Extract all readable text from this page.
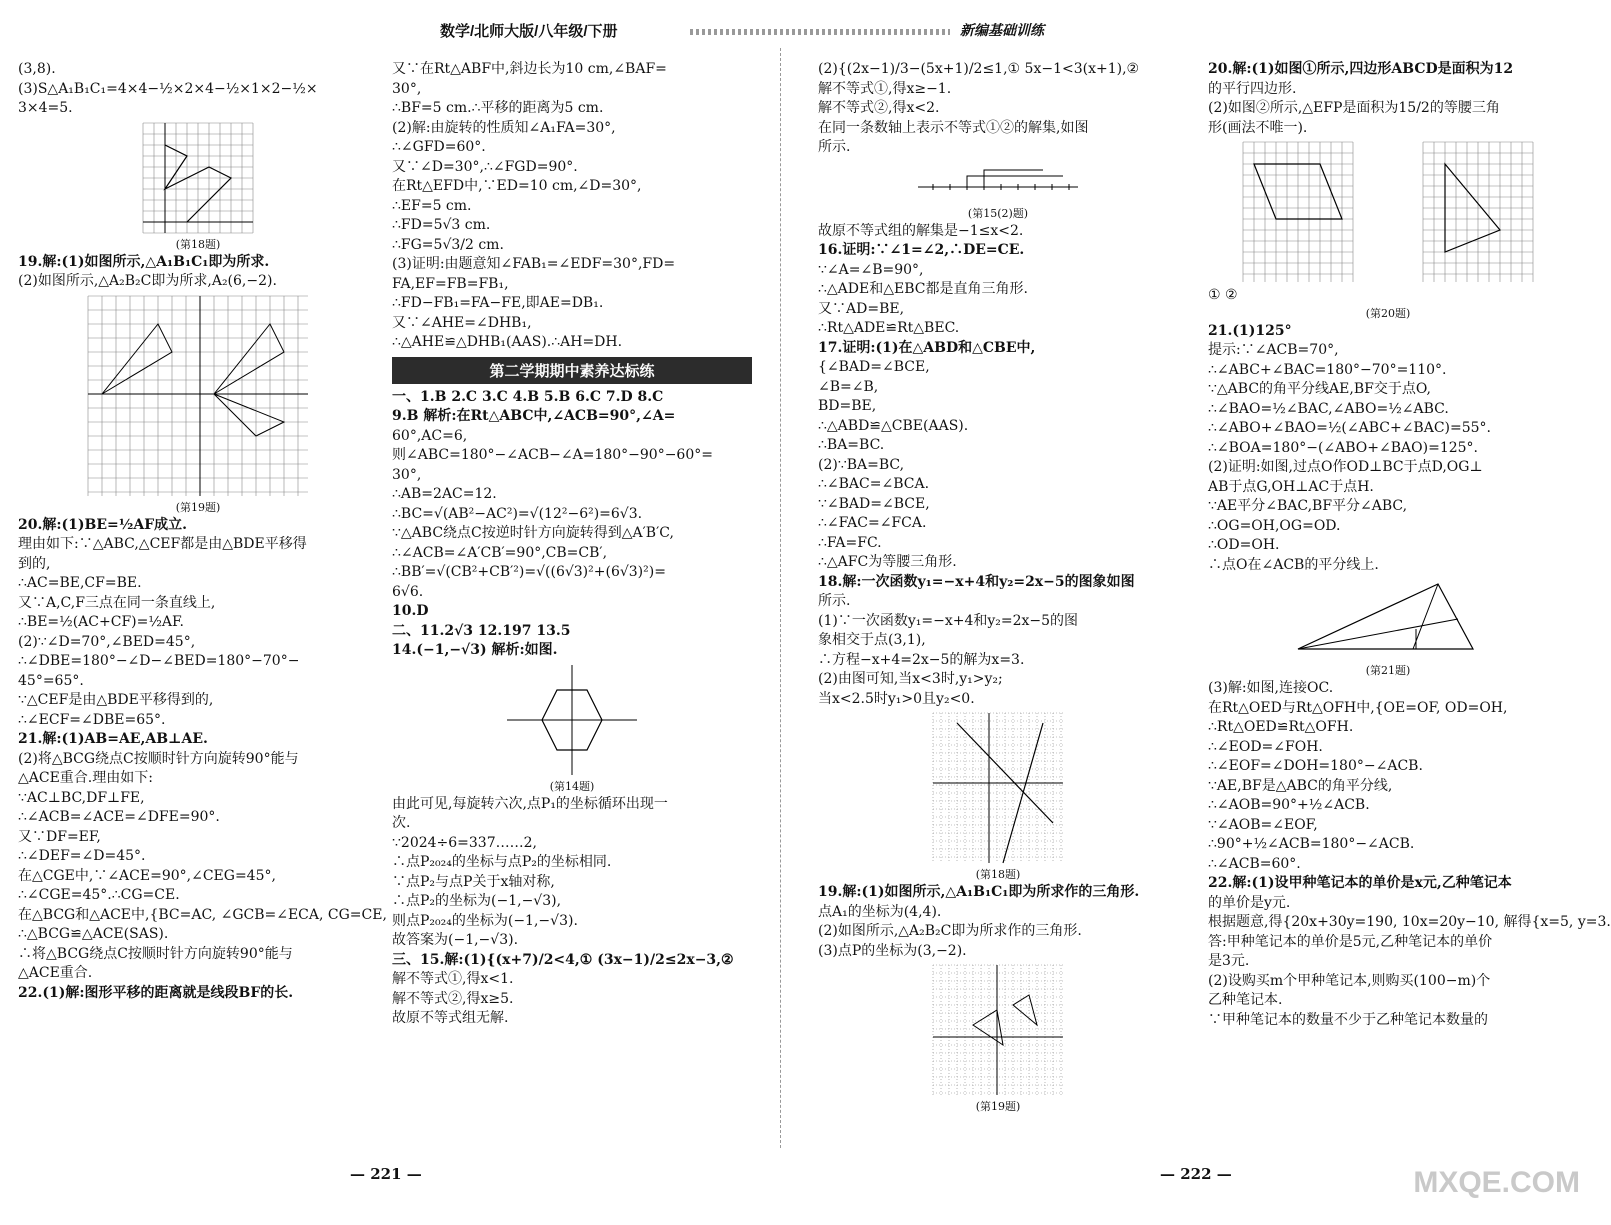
数学/北师大版/八年级/下册	新编基础训练

(3,8).

(3)S△A₁B₁C₁=4×4−½×2×4−½×1×2−½×

3×4=5.

(第18题)

19.解:(1)如图所示,△A₁B₁C₁即为所求.

(2)如图所示,△A₂B₂C即为所求,A₂(6,−2).

(第19题)

20.解:(1)BE=½AF成立.

理由如下:∵△ABC,△CEF都是由△BDE平移得

到的,

∴AC=BE,CF=BE.

又∵A,C,F三点在同一条直线上,

∴BE=½(AC+CF)=½AF.

(2)∵∠D=70°,∠BED=45°,

∴∠DBE=180°−∠D−∠BED=180°−70°−

45°=65°.

∵△CEF是由△BDE平移得到的,

∴∠ECF=∠DBE=65°.

21.解:(1)AB=AE,AB⊥AE.

(2)将△BCG绕点C按顺时针方向旋转90°能与

△ACE重合.理由如下:

∵AC⊥BC,DF⊥FE,

∴∠ACB=∠ACE=∠DFE=90°.

又∵DF=EF,

∴∠DEF=∠D=45°.

在△CGE中,∵∠ACE=90°,∠CEG=45°,

∴∠CGE=45°.∴CG=CE.

在△BCG和△ACE中,{BC=AC, ∠GCB=∠ECA, CG=CE,

∴△BCG≌△ACE(SAS).

∴将△BCG绕点C按顺时针方向旋转90°能与

△ACE重合.

22.(1)解:图形平移的距离就是线段BF的长.

又∵在Rt△ABF中,斜边长为10 cm,∠BAF=

30°,

∴BF=5 cm.∴平移的距离为5 cm.

(2)解:由旋转的性质知∠A₁FA=30°,

∴∠GFD=60°.

又∵∠D=30°,∴∠FGD=90°.

在Rt△EFD中,∵ED=10 cm,∠D=30°,

∴EF=5 cm.

∴FD=5√3 cm.

∴FG=5√3/2 cm.

(3)证明:由题意知∠FAB₁=∠EDF=30°,FD=

FA,EF=FB=FB₁,

∴FD−FB₁=FA−FE,即AE=DB₁.

又∵∠AHE=∠DHB₁,

∴△AHE≌△DHB₁(AAS).∴AH=DH.

第二学期期中素养达标练

一、1.B 2.C 3.C 4.B 5.B 6.C 7.D 8.C

9.B 解析:在Rt△ABC中,∠ACB=90°,∠A=

60°,AC=6,

则∠ABC=180°−∠ACB−∠A=180°−90°−60°=

30°,

∴AB=2AC=12.

∴BC=√(AB²−AC²)=√(12²−6²)=6√3.

∵△ABC绕点C按逆时针方向旋转得到△A′B′C,

∴∠ACB=∠A′CB′=90°,CB=CB′,

∴BB′=√(CB²+CB′²)=√((6√3)²+(6√3)²)=

6√6.

10.D

二、11.2√3 12.197 13.5

14.(−1,−√3) 解析:如图.

(第14题)

由此可见,每旋转六次,点P₁的坐标循环出现一

次.

∵2024÷6=337……2,

∴点P₂₀₂₄的坐标与点P₂的坐标相同.

∵点P₂与点P关于x轴对称,

∴点P₂的坐标为(−1,−√3),

则点P₂₀₂₄的坐标为(−1,−√3).

故答案为(−1,−√3).

三、15.解:(1){(x+7)/2<4,① (3x−1)/2≤2x−3,②

解不等式①,得x<1.

解不等式②,得x≥5.

故原不等式组无解.

(2){(2x−1)/3−(5x+1)/2≤1,① 5x−1<3(x+1),②

解不等式①,得x≥−1.

解不等式②,得x<2.

在同一条数轴上表示不等式①②的解集,如图

所示.

(第15(2)题)

故原不等式组的解集是−1≤x<2.

16.证明:∵∠1=∠2,∴DE=CE.

∵∠A=∠B=90°,

∴△ADE和△EBC都是直角三角形.

又∵AD=BE,

∴Rt△ADE≌Rt△BEC.

17.证明:(1)在△ABD和△CBE中,

{∠BAD=∠BCE,

∠B=∠B,

BD=BE,

∴△ABD≌△CBE(AAS).

∴BA=BC.

(2)∵BA=BC,

∴∠BAC=∠BCA.

∵∠BAD=∠BCE,

∴∠FAC=∠FCA.

∴FA=FC.

∴△AFC为等腰三角形.

18.解:一次函数y₁=−x+4和y₂=2x−5的图象如图

所示.

(1)∵一次函数y₁=−x+4和y₂=2x−5的图

象相交于点(3,1),

∴方程−x+4=2x−5的解为x=3.

(2)由图可知,当x<3时,y₁>y₂;

当x<2.5时y₁>0且y₂<0.

(第18题)

19.解:(1)如图所示,△A₁B₁C₁即为所求作的三角形.

点A₁的坐标为(4,4).

(2)如图所示,△A₂B₂C即为所求作的三角形.

(3)点P的坐标为(3,−2).

(第19题)

20.解:(1)如图①所示,四边形ABCD是面积为12

的平行四边形.

(2)如图②所示,△EFP是面积为15/2的等腰三角

形(画法不唯一).

① ②

(第20题)

21.(1)125°

提示:∵∠ACB=70°,

∴∠ABC+∠BAC=180°−70°=110°.

∵△ABC的角平分线AE,BF交于点O,

∴∠BAO=½∠BAC,∠ABO=½∠ABC.

∴∠ABO+∠BAO=½(∠ABC+∠BAC)=55°.

∴∠BOA=180°−(∠ABO+∠BAO)=125°.

(2)证明:如图,过点O作OD⊥BC于点D,OG⊥

AB于点G,OH⊥AC于点H.

∵AE平分∠BAC,BF平分∠ABC,

∴OG=OH,OG=OD.

∴OD=OH.

∴点O在∠ACB的平分线上.

(第21题)

(3)解:如图,连接OC.

在Rt△OED与Rt△OFH中,{OE=OF, OD=OH,

∴Rt△OED≌Rt△OFH.

∴∠EOD=∠FOH.

∴∠EOF=∠DOH=180°−∠ACB.

∵AE,BF是△ABC的角平分线,

∴∠AOB=90°+½∠ACB.

∵∠AOB=∠EOF,

∴90°+½∠ACB=180°−∠ACB.

∴∠ACB=60°.

22.解:(1)设甲种笔记本的单价是x元,乙种笔记本

的单价是y元.

根据题意,得{20x+30y=190, 10x=20y−10, 解得{x=5, y=3.

答:甲种笔记本的单价是5元,乙种笔记本的单价

是3元.

(2)设购买m个甲种笔记本,则购买(100−m)个

乙种笔记本.

∵甲种笔记本的数量不少于乙种笔记本数量的

— 221 —	— 222 —	MXQE.COM
